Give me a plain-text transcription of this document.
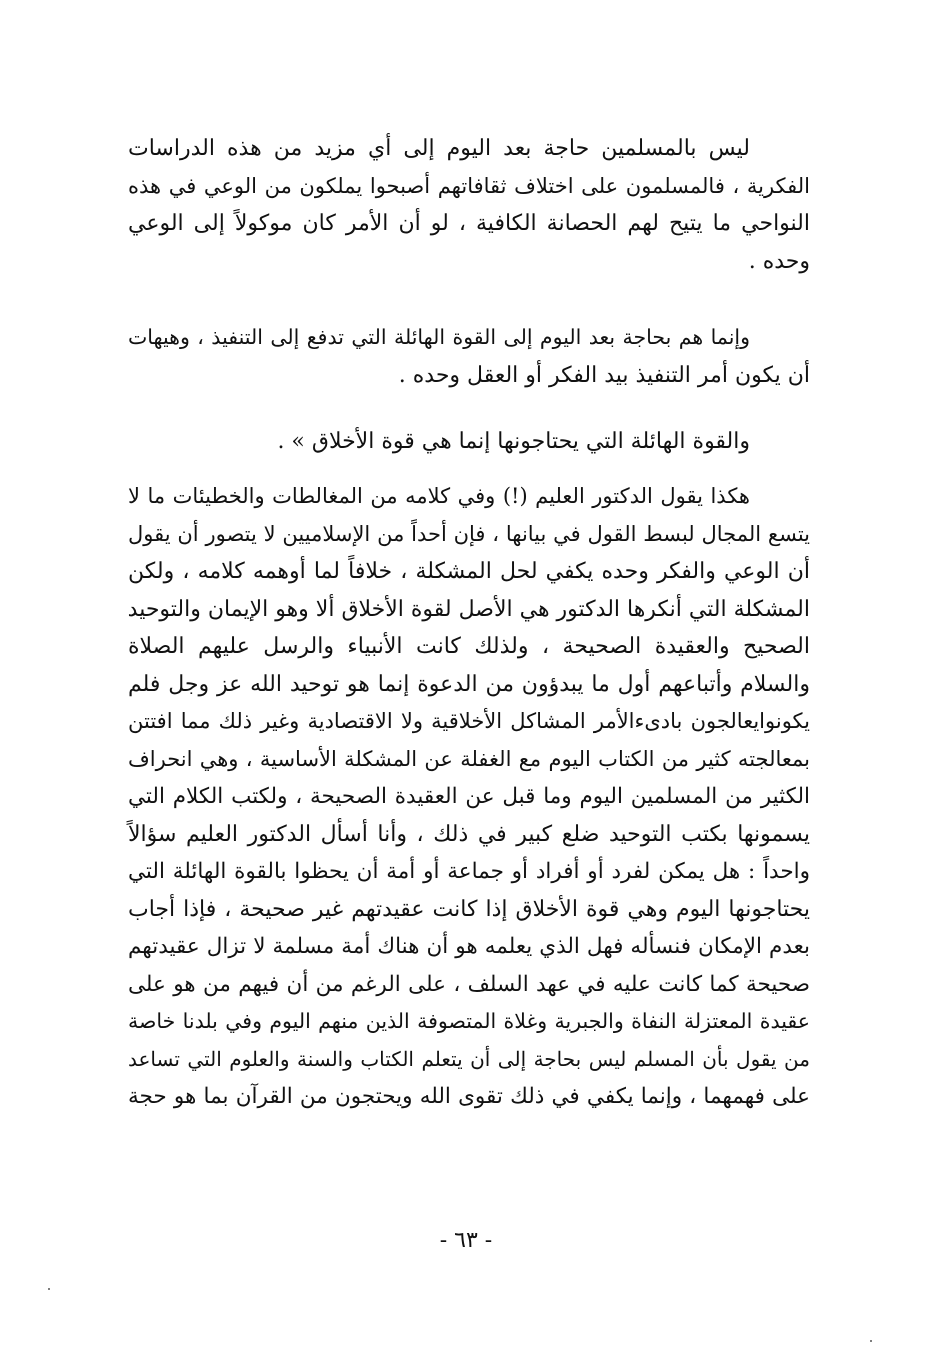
ليس بالمسلمين حاجة بعد اليوم إلى أي مزيد من هذه الدراسات
الفكرية ، فالمسلمون على اختلاف ثقافاتهم أصبحوا يملكون من الوعي في هذه
النواحي ما يتيح لهم الحصانة الكافية ، لو أن الأمر كان موكولاً إلى الوعي
وحده .
وإنما هم بحاجة بعد اليوم إلى القوة الهائلة التي تدفع إلى التنفيذ ، وهيهات
أن يكون أمر التنفيذ بيد الفكر أو العقل وحده .
والقوة الهائلة التي يحتاجونها إنما هي قوة الأخلاق » .
هكذا يقول الدكتور العليم (!) وفي كلامه من المغالطات والخطيئات ما لا
يتسع المجال لبسط القول في بيانها ، فإن أحداً من الإسلاميين لا يتصور أن يقول
أن الوعي والفكر وحده يكفي لحل المشكلة ، خلافاً لما أوهمه كلامه ، ولكن
المشكلة التي أنكرها الدكتور هي الأصل لقوة الأخلاق ألا وهو الإيمان والتوحيد
الصحيح والعقيدة الصحيحة ، ولذلك كانت الأنبياء والرسل عليهم الصلاة
والسلام وأتباعهم أول ما يبدؤون من الدعوة إنما هو توحيد الله عز وجل فلم
يكونوايعالجون بادىءالأمر المشاكل الأخلاقية ولا الاقتصادية وغير ذلك مما افتتن
بمعالجته كثير من الكتاب اليوم مع الغفلة عن المشكلة الأساسية ، وهي انحراف
الكثير من المسلمين اليوم وما قبل عن العقيدة الصحيحة ، ولكتب الكلام التي
يسمونها بكتب التوحيد ضلع كبير في ذلك ، وأنا أسأل الدكتور العليم سؤالاً
واحداً : هل يمكن لفرد أو أفراد أو جماعة أو أمة أن يحظوا بالقوة الهائلة التي
يحتاجونها اليوم وهي قوة الأخلاق إذا كانت عقيدتهم غير صحيحة ، فإذا أجاب
بعدم الإمكان فنسأله فهل الذي يعلمه هو أن هناك أمة مسلمة لا تزال عقيدتهم
صحيحة كما كانت عليه في عهد السلف ، على الرغم من أن فيهم من هو على
عقيدة المعتزلة النفاة والجبرية وغلاة المتصوفة الذين منهم اليوم وفي بلدنا خاصة
من يقول بأن المسلم ليس بحاجة إلى أن يتعلم الكتاب والسنة والعلوم التي تساعد
على فهمهما ، وإنما يكفي في ذلك تقوى الله ويحتجون من القرآن بما هو حجة
- ٦٣ -
